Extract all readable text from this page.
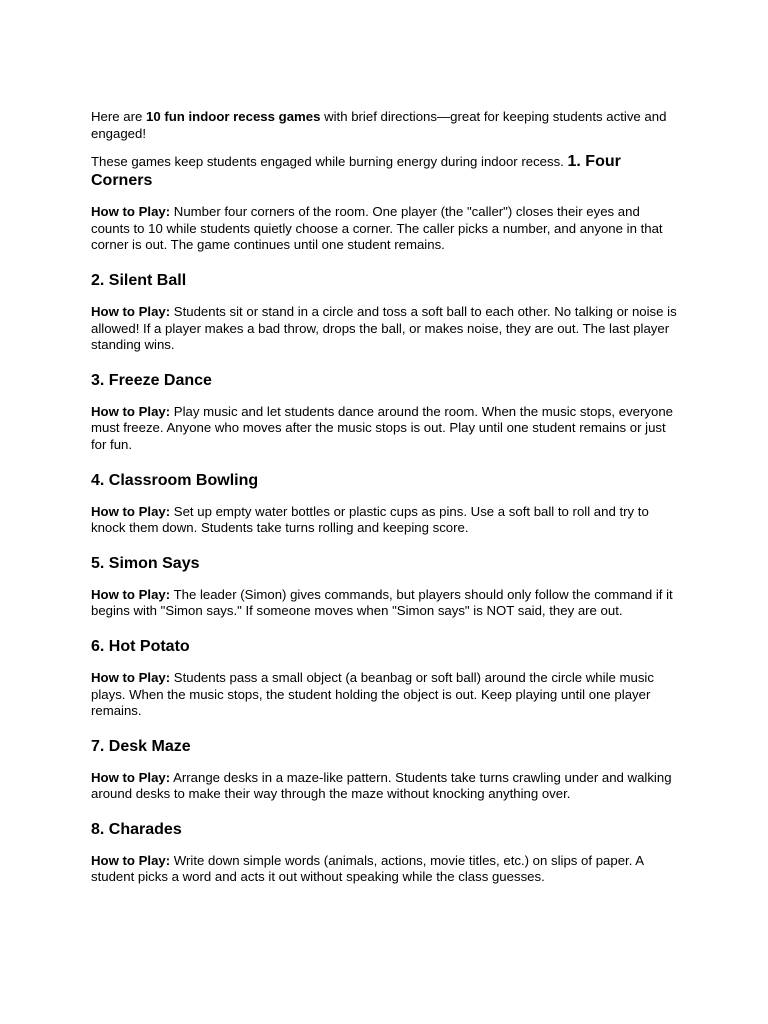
Here are 10 fun indoor recess games with brief directions—great for keeping students active and engaged!

These games keep students engaged while burning energy during indoor recess. 1. Four Corners

How to Play: Number four corners of the room. One player (the "caller") closes their eyes and counts to 10 while students quietly choose a corner. The caller picks a number, and anyone in that corner is out. The game continues until one student remains.

2. Silent Ball

How to Play: Students sit or stand in a circle and toss a soft ball to each other. No talking or noise is allowed! If a player makes a bad throw, drops the ball, or makes noise, they are out. The last player standing wins.

3. Freeze Dance

How to Play: Play music and let students dance around the room. When the music stops, everyone must freeze. Anyone who moves after the music stops is out. Play until one student remains or just for fun.

4. Classroom Bowling

How to Play: Set up empty water bottles or plastic cups as pins. Use a soft ball to roll and try to knock them down. Students take turns rolling and keeping score.

5. Simon Says

How to Play: The leader (Simon) gives commands, but players should only follow the command if it begins with "Simon says." If someone moves when "Simon says" is NOT said, they are out.

6. Hot Potato

How to Play: Students pass a small object (a beanbag or soft ball) around the circle while music plays. When the music stops, the student holding the object is out. Keep playing until one player remains.

7. Desk Maze

How to Play: Arrange desks in a maze-like pattern. Students take turns crawling under and walking around desks to make their way through the maze without knocking anything over.

8. Charades

How to Play: Write down simple words (animals, actions, movie titles, etc.) on slips of paper. A student picks a word and acts it out without speaking while the class guesses.
